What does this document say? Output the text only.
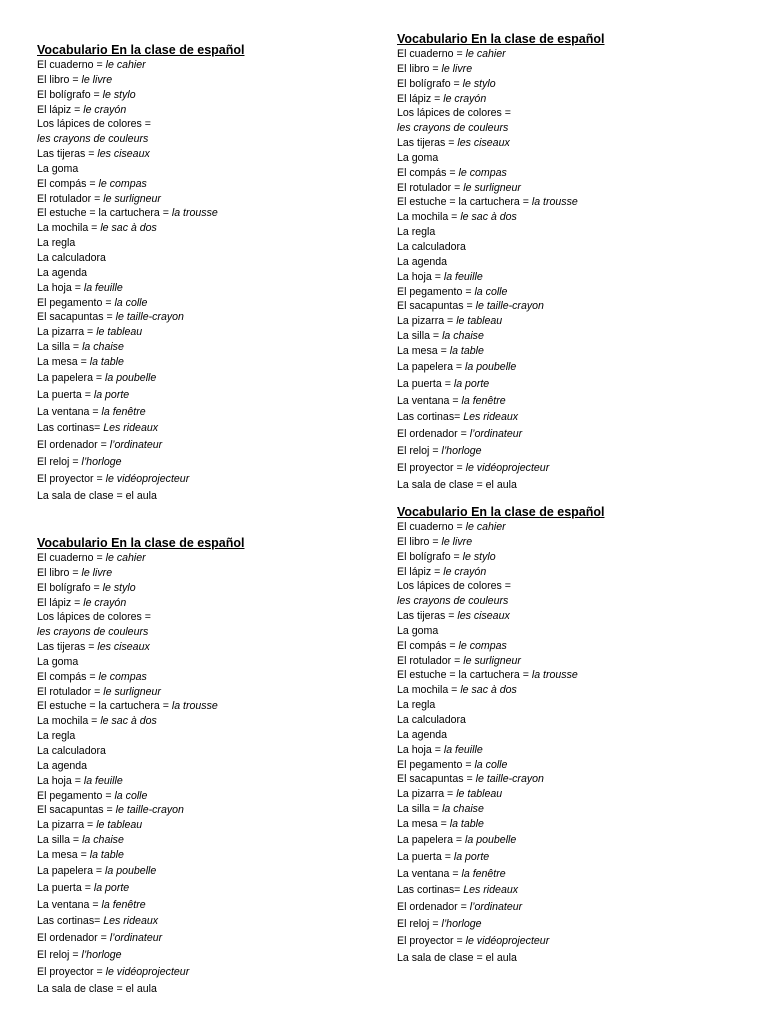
Vocabulario En la clase de español
El cuaderno = le cahier
El libro = le livre
El bolígrafo = le stylo
El lápiz = le crayón
Los lápices de colores =
les crayons de couleurs
Las tijeras = les ciseaux
La goma
El compás = le compas
El rotulador = le surligneur
El estuche = la cartuchera = la trousse
La mochila = le sac à dos
La regla
La calculadora
La agenda
La hoja = la feuille
El pegamento = la colle
El sacapuntas = le taille-crayon
La pizarra = le tableau
La silla = la chaise
La mesa = la table
La papelera = la poubelle
La puerta = la porte
La ventana = la fenêtre
Las cortinas= Les rideaux
El ordenador = l’ordinateur
El reloj = l’horloge
El proyector = le vidéoprojecteur
La sala de clase = el aula
Vocabulario En la clase de español
El cuaderno = le cahier
El libro = le livre
El bolígrafo = le stylo
El lápiz = le crayón
Los lápices de colores =
les crayons de couleurs
Las tijeras = les ciseaux
La goma
El compás = le compas
El rotulador = le surligneur
El estuche = la cartuchera = la trousse
La mochila = le sac à dos
La regla
La calculadora
La agenda
La hoja = la feuille
El pegamento = la colle
El sacapuntas = le taille-crayon
La pizarra = le tableau
La silla = la chaise
La mesa = la table
La papelera = la poubelle
La puerta = la porte
La ventana = la fenêtre
Las cortinas= Les rideaux
El ordenador = l’ordinateur
El reloj = l’horloge
El proyector = le vidéoprojecteur
La sala de clase = el aula
Vocabulario En la clase de español
El cuaderno = le cahier
El libro = le livre
El bolígrafo = le stylo
El lápiz = le crayón
Los lápices de colores =
les crayons de couleurs
Las tijeras = les ciseaux
La goma
El compás = le compas
El rotulador = le surligneur
El estuche = la cartuchera = la trousse
La mochila = le sac à dos
La regla
La calculadora
La agenda
La hoja = la feuille
El pegamento = la colle
El sacapuntas = le taille-crayon
La pizarra = le tableau
La silla = la chaise
La mesa = la table
La papelera = la poubelle
La puerta = la porte
La ventana = la fenêtre
Las cortinas= Les rideaux
El ordenador = l’ordinateur
El reloj = l’horloge
El proyector = le vidéoprojecteur
La sala de clase = el aula
Vocabulario En la clase de español
El cuaderno = le cahier
El libro = le livre
El bolígrafo = le stylo
El lápiz = le crayón
Los lápices de colores =
les crayons de couleurs
Las tijeras = les ciseaux
La goma
El compás = le compas
El rotulador = le surligneur
El estuche = la cartuchera = la trousse
La mochila = le sac à dos
La regla
La calculadora
La agenda
La hoja = la feuille
El pegamento = la colle
El sacapuntas = le taille-crayon
La pizarra = le tableau
La silla = la chaise
La mesa = la table
La papelera = la poubelle
La puerta = la porte
La ventana = la fenêtre
Las cortinas= Les rideaux
El ordenador = l’ordinateur
El reloj = l’horloge
El proyector = le vidéoprojecteur
La sala de clase = el aula
